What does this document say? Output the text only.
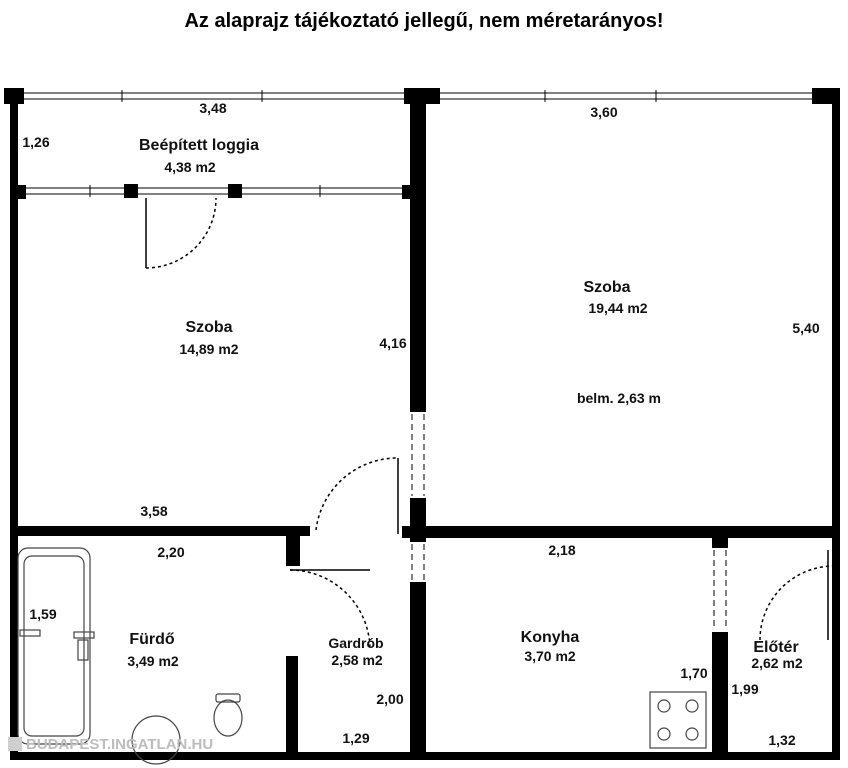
Az alaprajz tájékoztató jellegű, nem méretarányos!
Beépített loggia
4,38 m2
Szoba
14,89 m2
Szoba
19,44 m2
belm. 2,63 m
Fürdő
3,49 m2
Gardrób
2,58 m2
Konyha
3,70 m2	Előtér
2,62 m2
3,48
1,26
3,60
5,40
4,16
3,58
2,20
1,59
2,18
1,70
2,00
1,29
1,99
1,32
BUDAPEST.INGATLAN.HU
